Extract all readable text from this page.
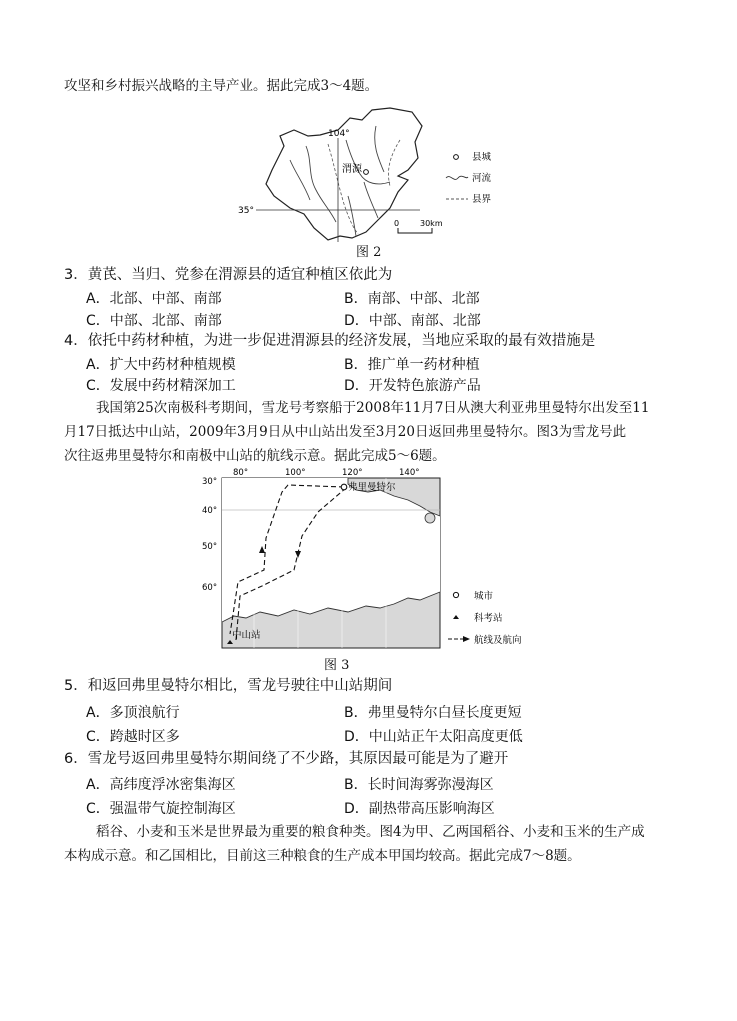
攻坚和乡村振兴战略的主导产业。据此完成3～4题。
104°
35°
渭源
县城
河流
县界
0	30km
图 2
3．黄芪、当归、党参在渭源县的适宜种植区依此为
A．北部、中部、南部	B．南部、中部、北部
C．中部、北部、南部	D．中部、南部、北部
4．依托中药材种植，为进一步促进渭源县的经济发展，当地应采取的最有效措施是
A．扩大中药材种植规模	B．推广单一药材种植
C．发展中药材精深加工	D．开发特色旅游产品
我国第25次南极科考期间，雪龙号考察船于2008年11月7日从澳大利亚弗里曼特尔出发至11
月17日抵达中山站，2009年3月9日从中山站出发至3月20日返回弗里曼特尔。图3为雪龙号此
次往返弗里曼特尔和南极中山站的航线示意。据此完成5～6题。
80°	100°	120°	140°
30°
40°
50°
60°
弗里曼特尔
中山站
城市
科考站
航线及航向
图 3
5．和返回弗里曼特尔相比，雪龙号驶往中山站期间
A．多顶浪航行	B．弗里曼特尔白昼长度更短
C．跨越时区多	D．中山站正午太阳高度更低
6．雪龙号返回弗里曼特尔期间绕了不少路，其原因最可能是为了避开
A．高纬度浮冰密集海区	B．长时间海雾弥漫海区
C．强温带气旋控制海区	D．副热带高压影响海区
稻谷、小麦和玉米是世界最为重要的粮食种类。图4为甲、乙两国稻谷、小麦和玉米的生产成
本构成示意。和乙国相比，目前这三种粮食的生产成本甲国均较高。据此完成7～8题。
